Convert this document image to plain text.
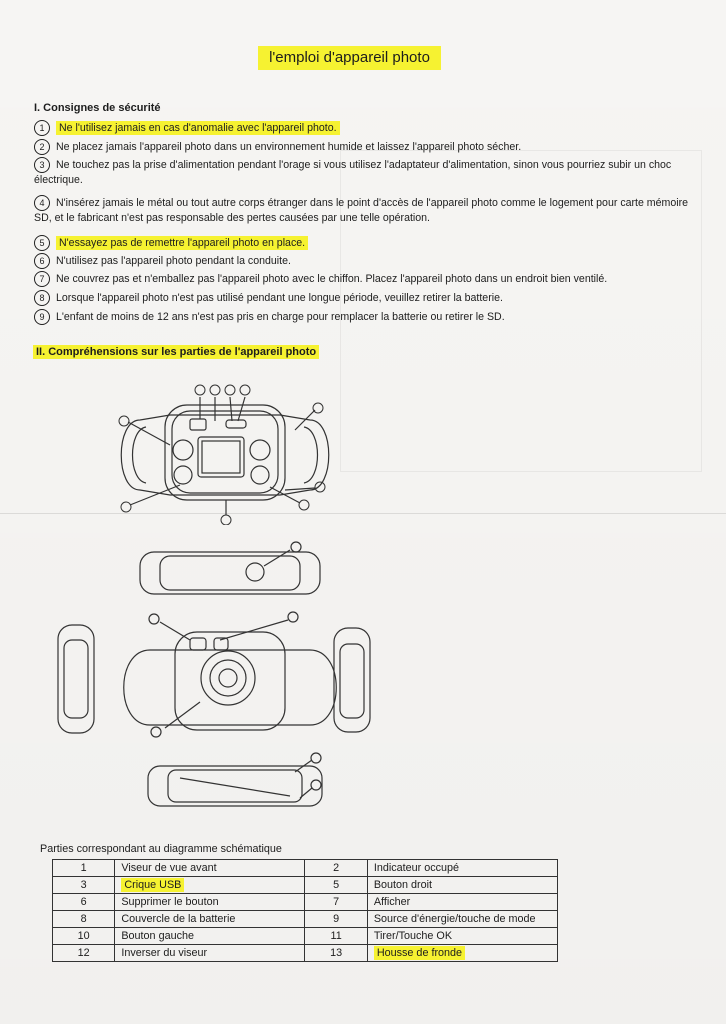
l'emploi d'appareil photo
I. Consignes de sécurité
1 Ne l'utilisez jamais en cas d'anomalie avec l'appareil photo.
2 Ne placez jamais l'appareil photo dans un environnement humide et laissez l'appareil photo sécher.
3 Ne touchez pas la prise d'alimentation pendant l'orage si vous utilisez l'adaptateur d'alimentation, sinon vous pourriez subir un choc électrique.
4 N'insérez jamais le métal ou tout autre corps étranger dans le point d'accès de l'appareil photo comme le logement pour carte mémoire SD, et le fabricant n'est pas responsable des pertes causées par une telle opération.
5 N'essayez pas de remettre l'appareil photo en place.
6 N'utilisez pas l'appareil photo pendant la conduite.
7 Ne couvrez pas et n'emballez pas l'appareil photo avec le chiffon. Placez l'appareil photo dans un endroit bien ventilé.
8 Lorsque l'appareil photo n'est pas utilisé pendant une longue période, veuillez retirer la batterie.
9 L'enfant de moins de 12 ans n'est pas pris en charge pour remplacer la batterie ou retirer le SD.
II. Compréhensions sur les parties de l'appareil photo
Parties correspondant au diagramme schématique
1	Viseur de vue avant	2	Indicateur occupé
3	Crique USB	5	Bouton droit
6	Supprimer le bouton	7	Afficher
8	Couvercle de la batterie	9	Source d'énergie/touche de mode
10	Bouton gauche	11	Tirer/Touche OK
12	Inverser du viseur	13	Housse de fronde
